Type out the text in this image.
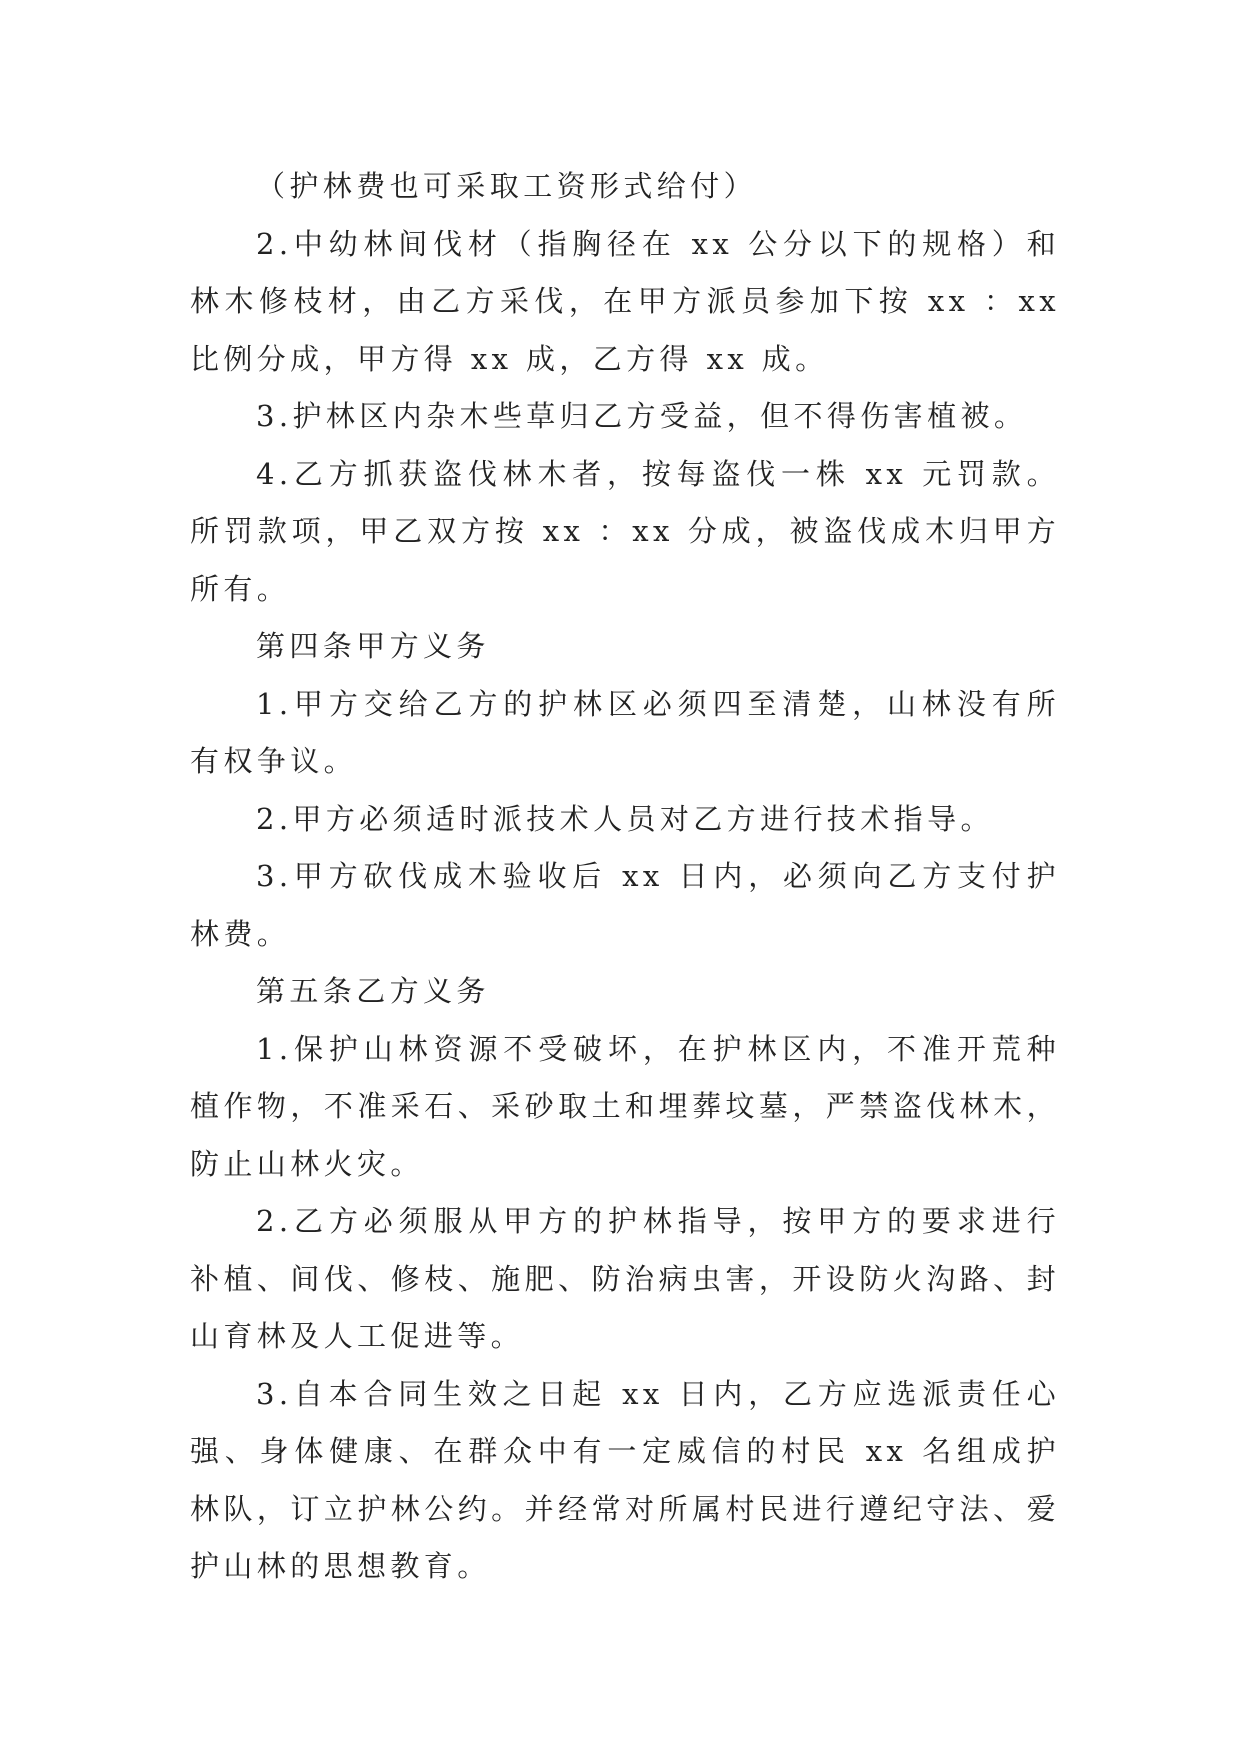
（护林费也可采取工资形式给付）

2.中幼林间伐材（指胸径在 xx 公分以下的规格）和林木修枝材，由乙方采伐，在甲方派员参加下按 xx ：xx 比例分成，甲方得 xx 成，乙方得 xx 成。

3.护林区内杂木些草归乙方受益，但不得伤害植被。

4.乙方抓获盗伐林木者，按每盗伐一株 xx 元罚款。所罚款项，甲乙双方按 xx ：xx 分成，被盗伐成木归甲方所有。

第四条甲方义务

1.甲方交给乙方的护林区必须四至清楚，山林没有所有权争议。

2.甲方必须适时派技术人员对乙方进行技术指导。

3.甲方砍伐成木验收后 xx 日内，必须向乙方支付护林费。

第五条乙方义务

1.保护山林资源不受破坏，在护林区内，不准开荒种植作物，不准采石、采砂取土和埋葬坟墓，严禁盗伐林木，防止山林火灾。

2.乙方必须服从甲方的护林指导，按甲方的要求进行补植、间伐、修枝、施肥、防治病虫害，开设防火沟路、封山育林及人工促进等。

3.自本合同生效之日起 xx 日内，乙方应选派责任心强、身体健康、在群众中有一定威信的村民 xx 名组成护林队，订立护林公约。并经常对所属村民进行遵纪守法、爱护山林的思想教育。
